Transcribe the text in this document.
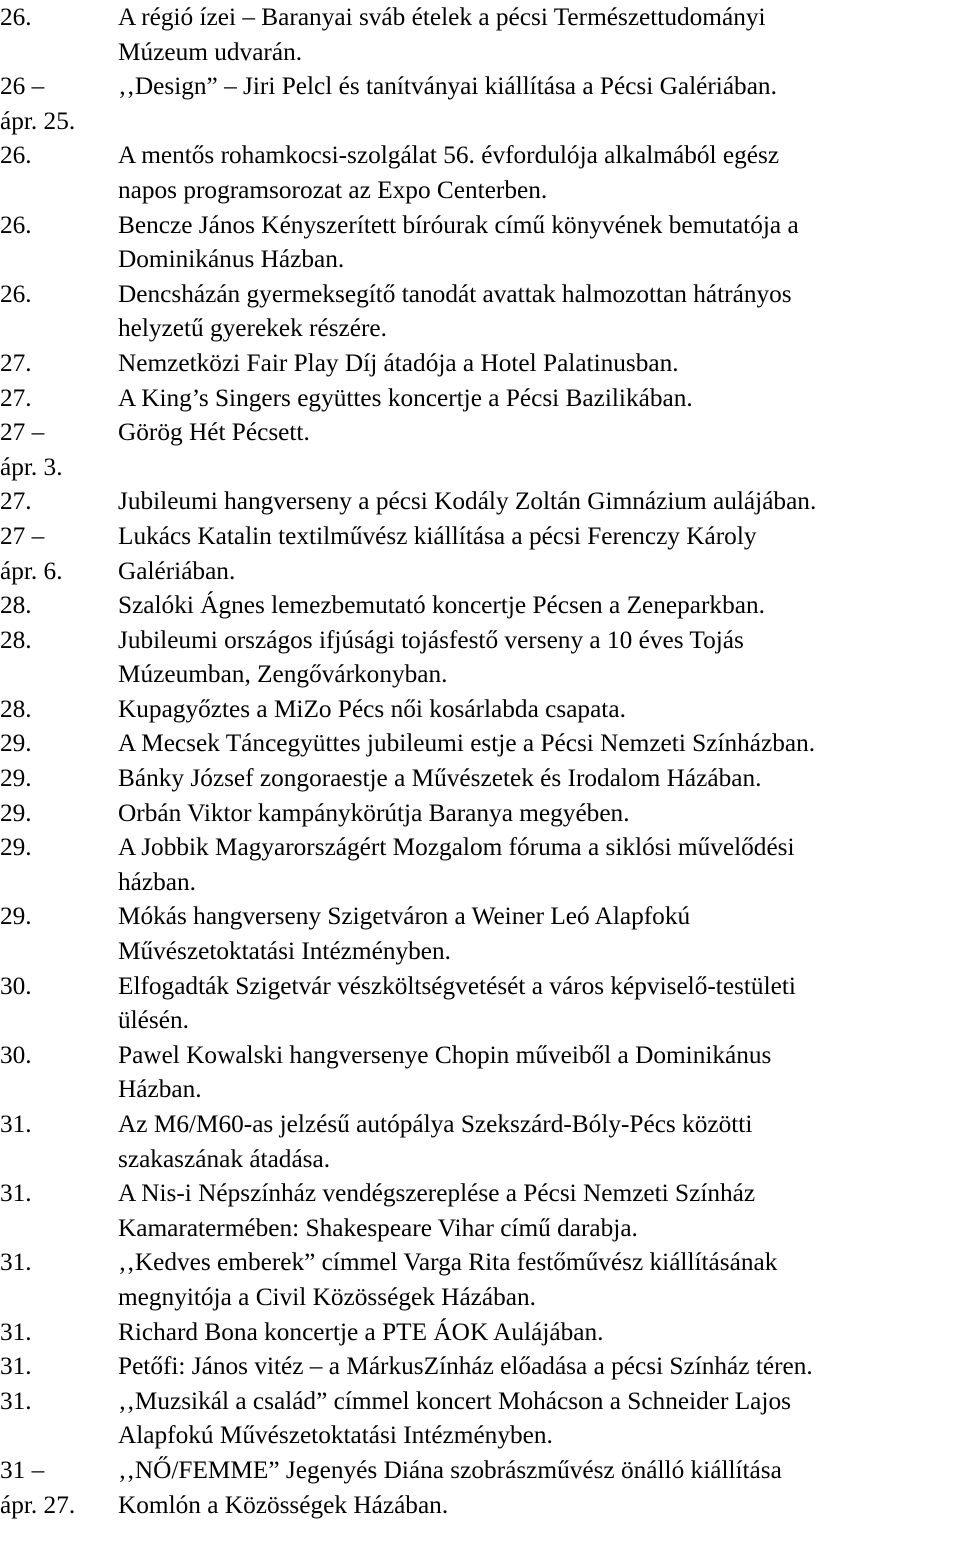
26.	A régió ízei – Baranyai sváb ételek a pécsi Természettudományi
Múzeum udvarán.
26 –	‚‚Design” – Jiri Pelcl és tanítványai kiállítása a Pécsi Galériában.
ápr. 25.
26.	A mentős rohamkocsi-szolgálat 56. évfordulója alkalmából egész
napos programsorozat az Expo Centerben.
26.	Bencze János Kényszerített bíróurak című könyvének bemutatója a
Dominikánus Házban.
26.	Dencsházán gyermeksegítő tanodát avattak halmozottan hátrányos
helyzetű gyerekek részére.
27.	Nemzetközi Fair Play Díj átadója a Hotel Palatinusban.
27.	A King’s Singers együttes koncertje a Pécsi Bazilikában.
27 –	Görög Hét Pécsett.
ápr. 3.
27.	Jubileumi hangverseny a pécsi Kodály Zoltán Gimnázium aulájában.
27 –	Lukács Katalin textilművész kiállítása a pécsi Ferenczy Károly
ápr. 6. Galériában.
28.	Szalóki Ágnes lemezbemutató koncertje Pécsen a Zeneparkban.
28.	Jubileumi országos ifjúsági tojásfestő verseny a 10 éves Tojás
Múzeumban, Zengővárkonyban.
28.	Kupagyőztes a MiZo Pécs női kosárlabda csapata.
29.	A Mecsek Táncegyüttes jubileumi estje a Pécsi Nemzeti Színházban.
29.	Bánky József zongoraestje a Művészetek és Irodalom Házában.
29.	Orbán Viktor kampánykörútja Baranya megyében.
29.	A Jobbik Magyarországért Mozgalom fóruma a siklósi művelődési
házban.
29.	Mókás hangverseny Szigetváron a Weiner Leó Alapfokú
Művészetoktatási Intézményben.
30.	Elfogadták Szigetvár vészköltségvetését a város képviselő-testületi
ülésén.
30.	Pawel Kowalski hangversenye Chopin műveiből a Dominikánus
Házban.
31.	Az M6/M60-as jelzésű autópálya Szekszárd-Bóly-Pécs közötti
szakaszának átadása.
31.	A Nis-i Népszínház vendégszereplése a Pécsi Nemzeti Színház
Kamaratermében: Shakespeare Vihar című darabja.
31.	‚‚Kedves emberek” címmel Varga Rita festőművész kiállításának
megnyitója a Civil Közösségek Házában.
31.	Richard Bona koncertje a PTE ÁOK Aulájában.
31.	Petőfi: János vitéz – a MárkusZínház előadása a pécsi Színház téren.
31.	‚‚Muzsikál a család” címmel koncert Mohácson a Schneider Lajos
Alapfokú Művészetoktatási Intézményben.
31 –	‚‚NŐ/FEMME” Jegenyés Diána szobrászművész önálló kiállítása
ápr. 27. Komlón a Közösségek Házában.
